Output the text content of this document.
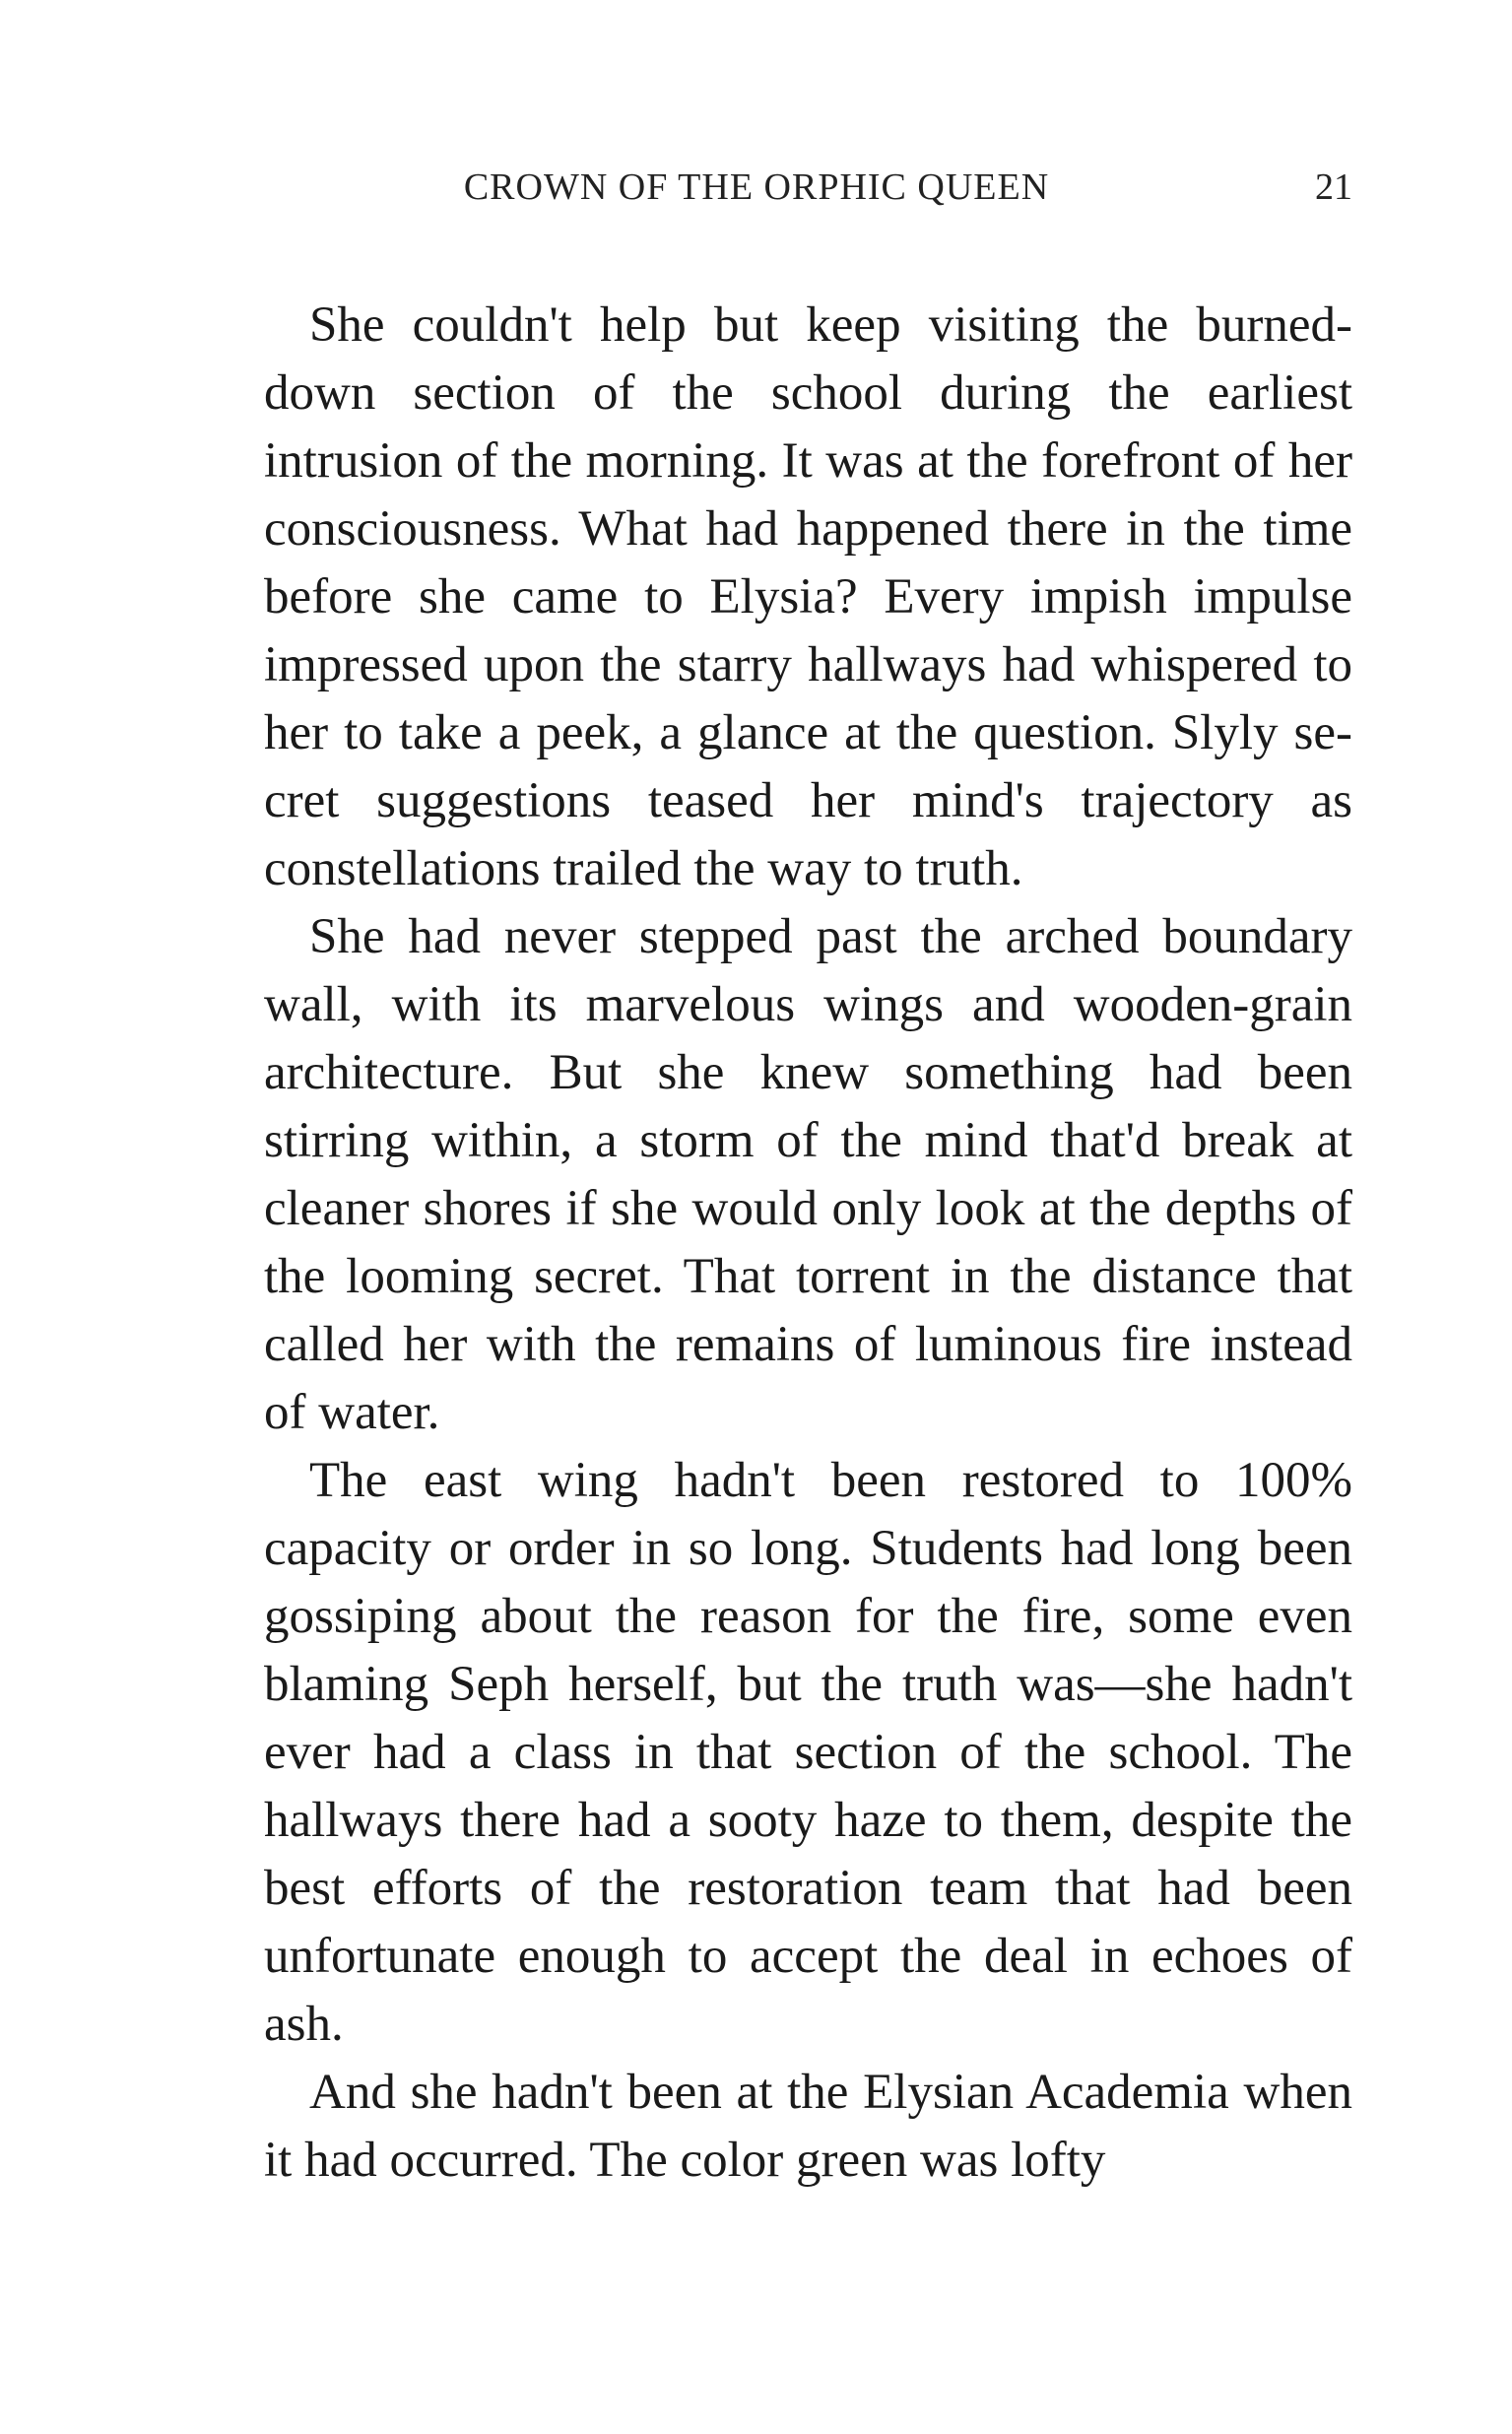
CROWN OF THE ORPHIC QUEEN	21

She couldn't help but keep visiting the burned-down section of the school during the earliest intrusion of the morning. It was at the forefront of her consciousness. What had happened there in the time before she came to Elysia? Every impish impulse impressed upon the starry hallways had whispered to her to take a peek, a glance at the question. Slyly secret suggestions teased her mind's trajectory as constellations trailed the way to truth.

She had never stepped past the arched boundary wall, with its marvelous wings and wooden-grain architecture. But she knew something had been stirring within, a storm of the mind that'd break at cleaner shores if she would only look at the depths of the looming secret. That torrent in the distance that called her with the remains of luminous fire instead of water.

The east wing hadn't been restored to 100% capacity or order in so long. Students had long been gossiping about the reason for the fire, some even blaming Seph herself, but the truth was—she hadn't ever had a class in that section of the school. The hallways there had a sooty haze to them, despite the best efforts of the restoration team that had been unfortunate enough to accept the deal in echoes of ash.

And she hadn't been at the Elysian Academia when it had occurred. The color green was lofty
